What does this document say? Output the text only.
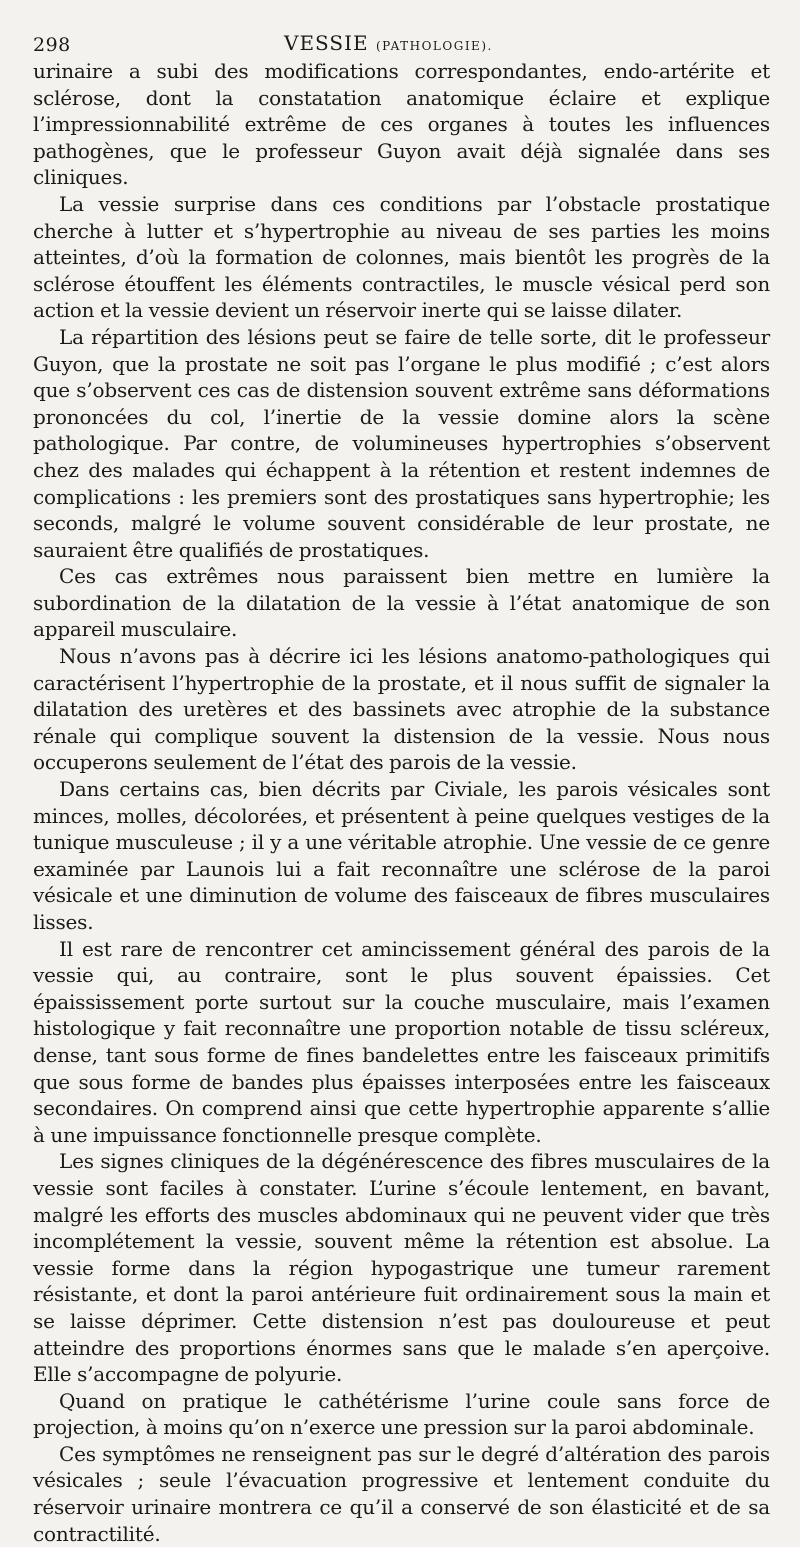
298	VESSIE (PATHOLOGIE).

urinaire a subi des modifications correspondantes, endo-artérite et sclérose, dont la constatation anatomique éclaire et explique l’impressionnabilité extrême de ces organes à toutes les influences pathogènes, que le professeur Guyon avait déjà signalée dans ses cliniques.

La vessie surprise dans ces conditions par l’obstacle prostatique cherche à lutter et s’hypertrophie au niveau de ses parties les moins atteintes, d’où la formation de colonnes, mais bientôt les progrès de la sclérose étouffent les éléments contractiles, le muscle vésical perd son action et la vessie devient un réservoir inerte qui se laisse dilater.

La répartition des lésions peut se faire de telle sorte, dit le professeur Guyon, que la prostate ne soit pas l’organe le plus modifié ; c’est alors que s’observent ces cas de distension souvent extrême sans déformations prononcées du col, l’inertie de la vessie domine alors la scène pathologique. Par contre, de volumineuses hypertrophies s’observent chez des malades qui échappent à la rétention et restent indemnes de complications : les premiers sont des prostatiques sans hypertrophie; les seconds, malgré le volume souvent considérable de leur prostate, ne sauraient être qualifiés de prostatiques.

Ces cas extrêmes nous paraissent bien mettre en lumière la subordination de la dilatation de la vessie à l’état anatomique de son appareil musculaire.

Nous n’avons pas à décrire ici les lésions anatomo-pathologiques qui caractérisent l’hypertrophie de la prostate, et il nous suffit de signaler la dilatation des uretères et des bassinets avec atrophie de la substance rénale qui complique souvent la distension de la vessie. Nous nous occuperons seulement de l’état des parois de la vessie.

Dans certains cas, bien décrits par Civiale, les parois vésicales sont minces, molles, décolorées, et présentent à peine quelques vestiges de la tunique musculeuse ; il y a une véritable atrophie. Une vessie de ce genre examinée par Launois lui a fait reconnaître une sclérose de la paroi vésicale et une diminution de volume des faisceaux de fibres musculaires lisses.

Il est rare de rencontrer cet amincissement général des parois de la vessie qui, au contraire, sont le plus souvent épaissies. Cet épaississement porte surtout sur la couche musculaire, mais l’examen histologique y fait reconnaître une proportion notable de tissu scléreux, dense, tant sous forme de fines bandelettes entre les faisceaux primitifs que sous forme de bandes plus épaisses interposées entre les faisceaux secondaires. On comprend ainsi que cette hypertrophie apparente s’allie à une impuissance fonctionnelle presque complète.

Les signes cliniques de la dégénérescence des fibres musculaires de la vessie sont faciles à constater. L’urine s’écoule lentement, en bavant, malgré les efforts des muscles abdominaux qui ne peuvent vider que très incomplétement la vessie, souvent même la rétention est absolue. La vessie forme dans la région hypogastrique une tumeur rarement résistante, et dont la paroi antérieure fuit ordinairement sous la main et se laisse déprimer. Cette distension n’est pas douloureuse et peut atteindre des proportions énormes sans que le malade s’en aperçoive. Elle s’accompagne de polyurie.

Quand on pratique le cathétérisme l’urine coule sans force de projection, à moins qu’on n’exerce une pression sur la paroi abdominale.

Ces symptômes ne renseignent pas sur le degré d’altération des parois vésicales ; seule l’évacuation progressive et lentement conduite du réservoir urinaire montrera ce qu’il a conservé de son élasticité et de sa contractilité.
